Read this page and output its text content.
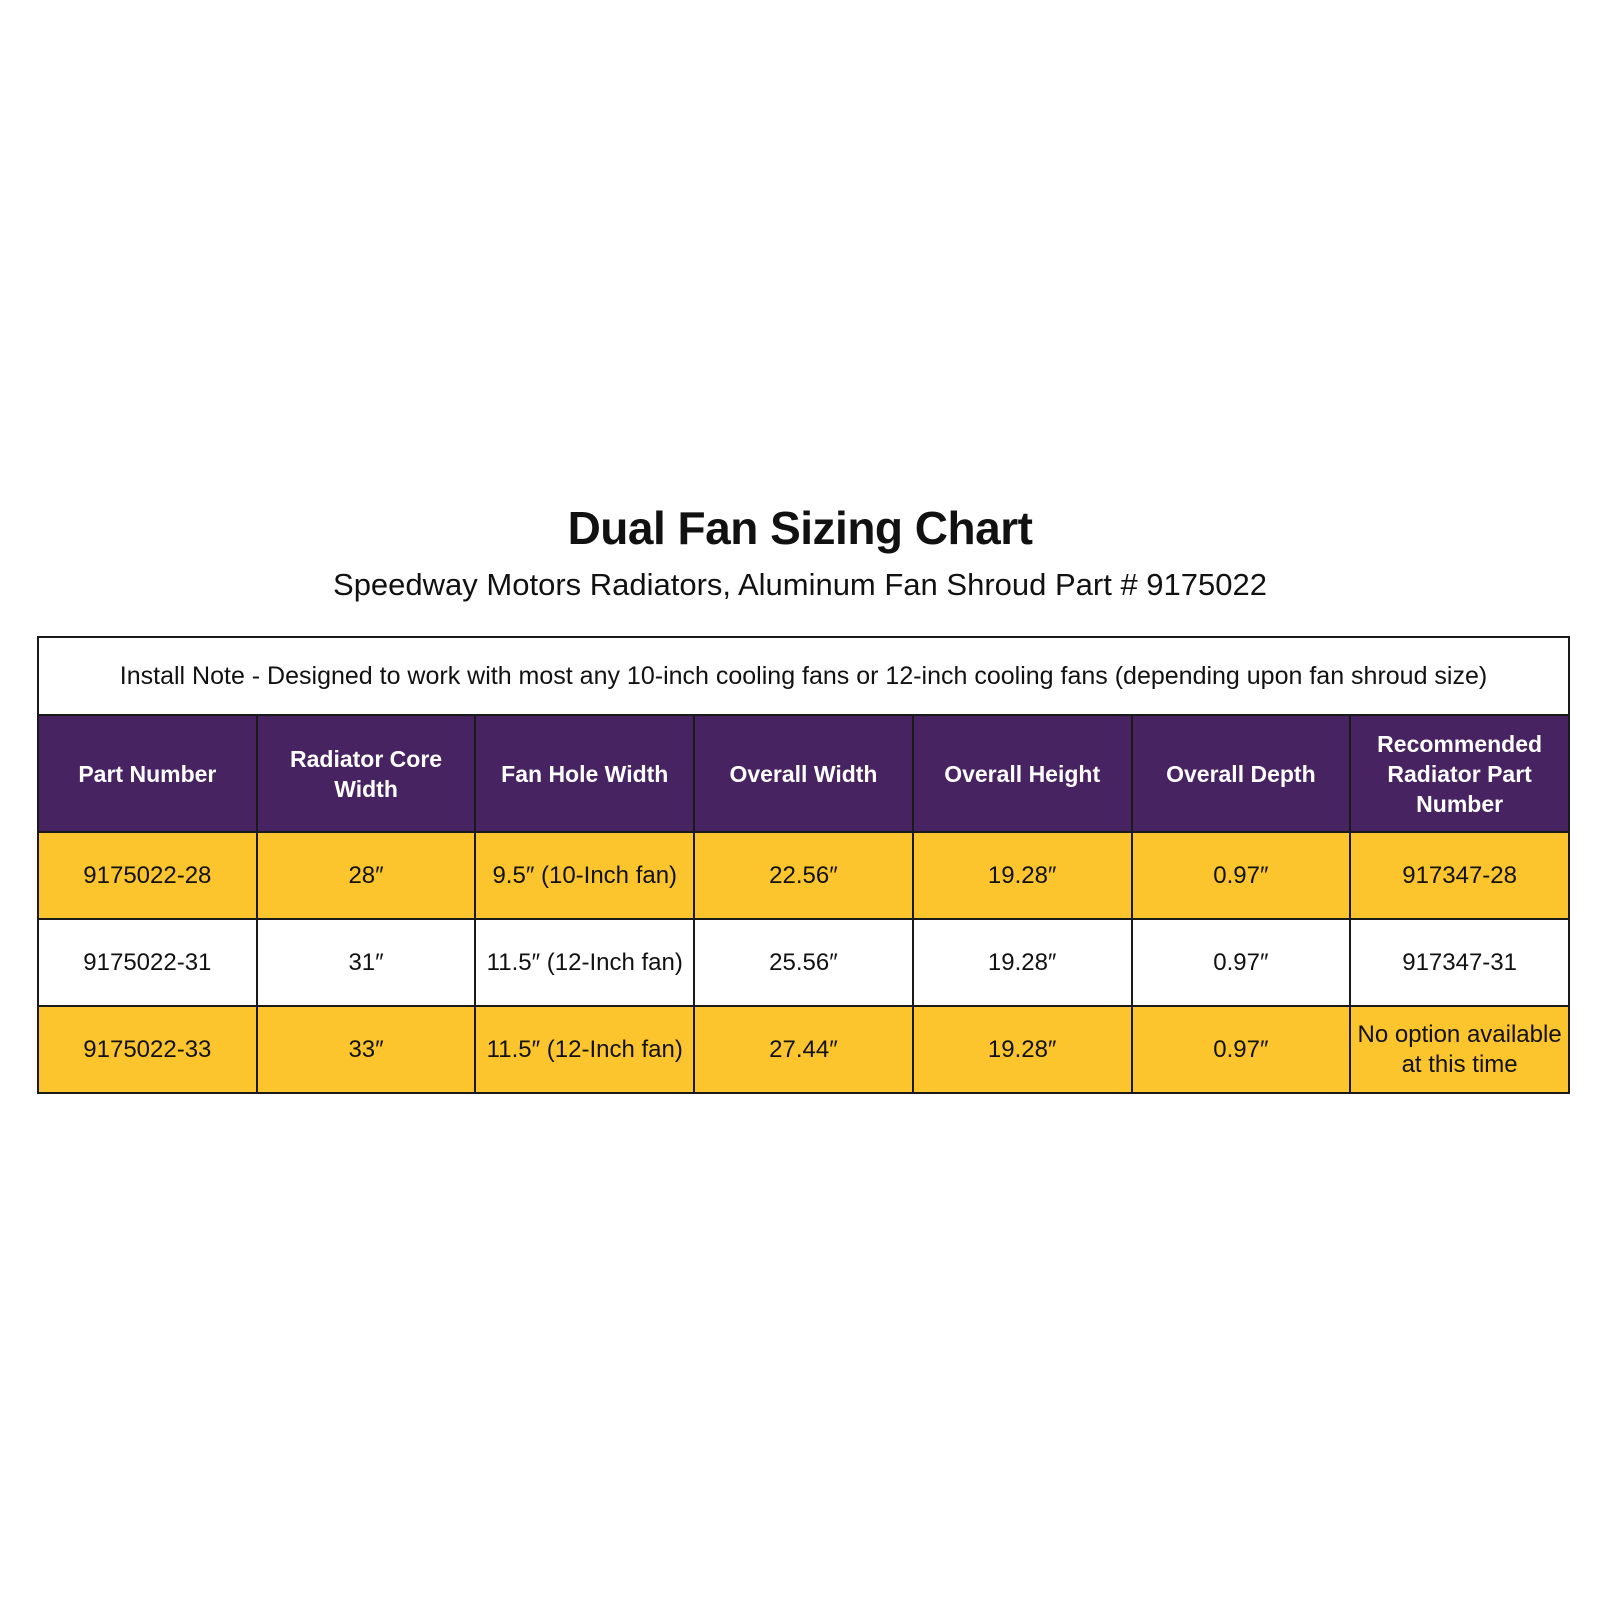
Dual Fan Sizing Chart
Speedway Motors Radiators, Aluminum Fan Shroud Part # 9175022
Install Note - Designed to work with most any 10-inch cooling fans or 12-inch cooling fans (depending upon fan shroud size)						
Part Number	Radiator Core Width	Fan Hole Width	Overall Width	Overall Height	Overall Depth	Recommended Radiator Part Number
9175022-28	28″	9.5″ (10-Inch fan)	22.56″	19.28″	0.97″	917347-28
9175022-31	31″	11.5″ (12-Inch fan)	25.56″	19.28″	0.97″	917347-31
9175022-33	33″	11.5″ (12-Inch fan)	27.44″	19.28″	0.97″	No option available at this time
